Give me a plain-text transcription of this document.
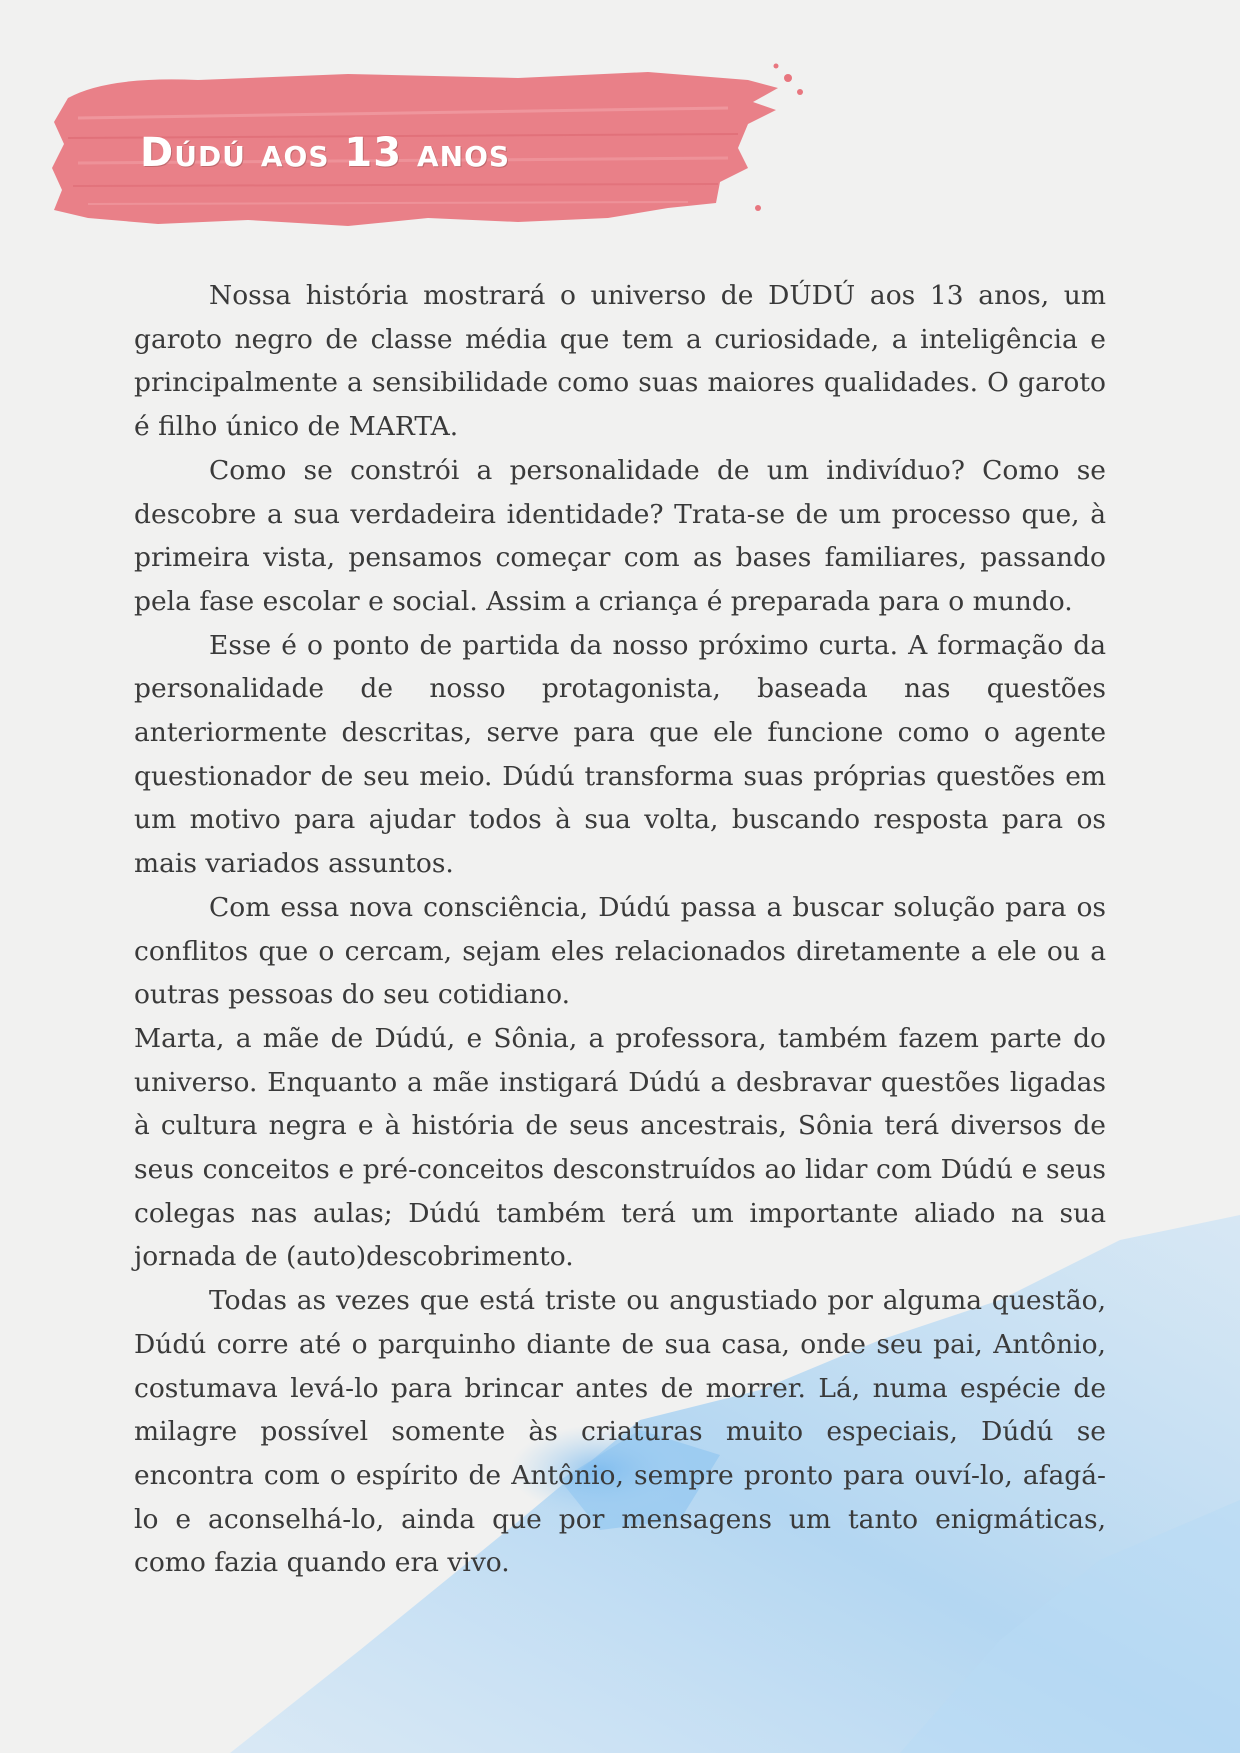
Dúdú aos 13 anos

Nossa história mostrará o universo de DÚDÚ aos 13 anos, um garoto negro de classe média que tem a curiosidade, a inteligência e principalmente a sensibilidade como suas maiores qualidades. O garoto é filho único de MARTA.

Como se constrói a personalidade de um indivíduo? Como se descobre a sua verdadeira identidade? Trata-se de um processo que, à primeira vista, pensamos começar com as bases familiares, passando pela fase escolar e social. Assim a criança é preparada para o mundo.

Esse é o ponto de partida da nosso próximo curta. A formação da personalidade de nosso protagonista, baseada nas questões anteriormente descritas, serve para que ele funcione como o agente questionador de seu meio. Dúdú transforma suas próprias questões em um motivo para ajudar todos à sua volta, buscando resposta para os mais variados assuntos.

Com essa nova consciência, Dúdú passa a buscar solução para os conflitos que o cercam, sejam eles relacionados diretamente a ele ou a outras pessoas do seu cotidiano.

Marta, a mãe de Dúdú, e Sônia, a professora, também fazem parte do universo. Enquanto a mãe instigará Dúdú a desbravar questões ligadas à cultura negra e à história de seus ancestrais, Sônia terá diversos de seus conceitos e pré-conceitos desconstruídos ao lidar com Dúdú e seus colegas nas aulas; Dúdú também terá um importante aliado na sua jornada de (auto)descobrimento.

Todas as vezes que está triste ou angustiado por alguma questão, Dúdú corre até o parquinho diante de sua casa, onde seu pai, Antônio, costumava levá-lo para brincar antes de morrer. Lá, numa espécie de milagre possível somente às criaturas muito especiais, Dúdú se encontra com o espírito de Antônio, sempre pronto para ouví-lo, afagá-lo e aconselhá-lo, ainda que por mensagens um tanto enigmáticas, como fazia quando era vivo.
